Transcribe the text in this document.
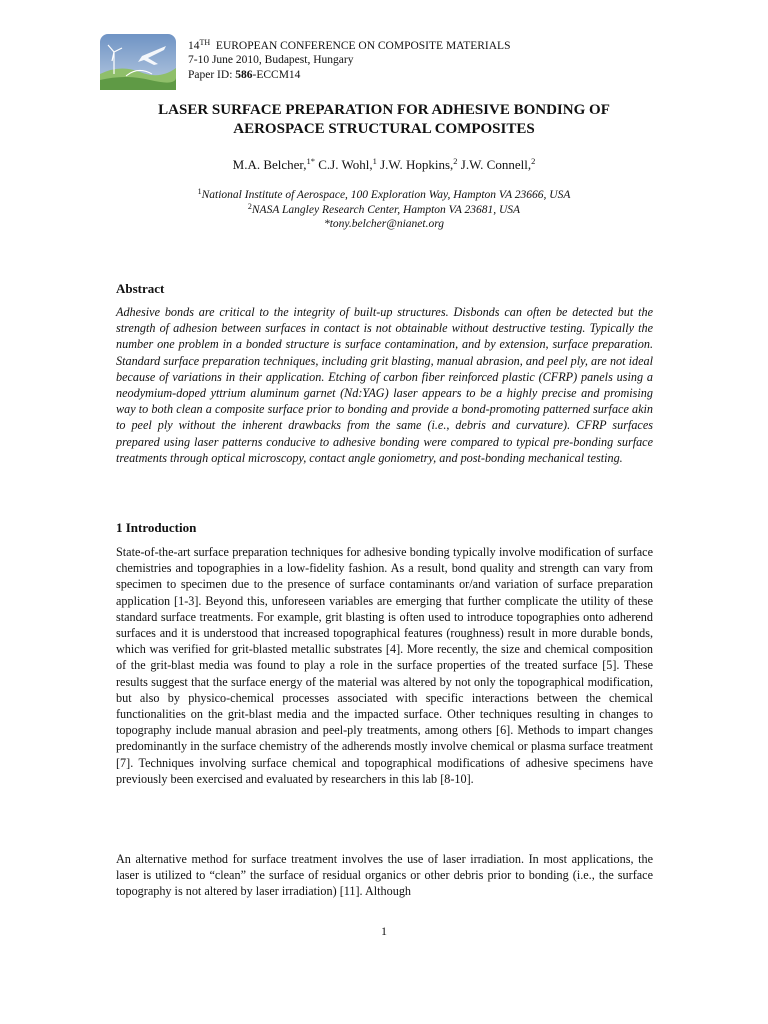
14TH EUROPEAN CONFERENCE ON COMPOSITE MATERIALS
7-10 June 2010, Budapest, Hungary
Paper ID: 586-ECCM14
LASER SURFACE PREPARATION FOR ADHESIVE BONDING OF
AEROSPACE STRUCTURAL COMPOSITES
M.A. Belcher,$^{1*}$ C.J. Wohl,$^1$ J.W. Hopkins,$^2$ J.W. Connell,$^2$
$^1$National Institute of Aerospace, 100 Exploration Way, Hampton VA 23666, USA
$^2$NASA Langley Research Center, Hampton VA 23681, USA
*tony.belcher@nianet.org
Abstract
Adhesive bonds are critical to the integrity of built-up structures. Disbonds can often be detected but the strength of adhesion between surfaces in contact is not obtainable without destructive testing. Typically the number one problem in a bonded structure is surface contamination, and by extension, surface preparation. Standard surface preparation techniques, including grit blasting, manual abrasion, and peel ply, are not ideal because of variations in their application. Etching of carbon fiber reinforced plastic (CFRP) panels using a neodymium-doped yttrium aluminum garnet (Nd:YAG) laser appears to be a highly precise and promising way to both clean a composite surface prior to bonding and provide a bond-promoting patterned surface akin to peel ply without the inherent drawbacks from the same (i.e., debris and curvature). CFRP surfaces prepared using laser patterns conducive to adhesive bonding were compared to typical pre-bonding surface treatments through optical microscopy, contact angle goniometry, and post-bonding mechanical testing.
1 Introduction
State-of-the-art surface preparation techniques for adhesive bonding typically involve modification of surface chemistries and topographies in a low-fidelity fashion. As a result, bond quality and strength can vary from specimen to specimen due to the presence of surface contaminants or/and variation of surface preparation application [1-3]. Beyond this, unforeseen variables are emerging that further complicate the utility of these standard surface treatments. For example, grit blasting is often used to introduce topographies onto adherend surfaces and it is understood that increased topographical features (roughness) result in more durable bonds, which was verified for grit-blasted metallic substrates [4]. More recently, the size and chemical composition of the grit-blast media was found to play a role in the surface properties of the treated surface [5]. These results suggest that the surface energy of the material was altered by not only the topographical modification, but also by physico-chemical processes associated with specific interactions between the chemical functionalities on the grit-blast media and the impacted surface. Other techniques resulting in changes to topography include manual abrasion and peel-ply treatments, among others [6]. Methods to impart changes predominantly in the surface chemistry of the adherends mostly involve chemical or plasma surface treatment [7]. Techniques involving surface chemical and topographical modifications of adhesive specimens have previously been exercised and evaluated by researchers in this lab [8-10].
An alternative method for surface treatment involves the use of laser irradiation. In most applications, the laser is utilized to “clean” the surface of residual organics or other debris prior to bonding (i.e., the surface topography is not altered by laser irradiation) [11]. Although
1
